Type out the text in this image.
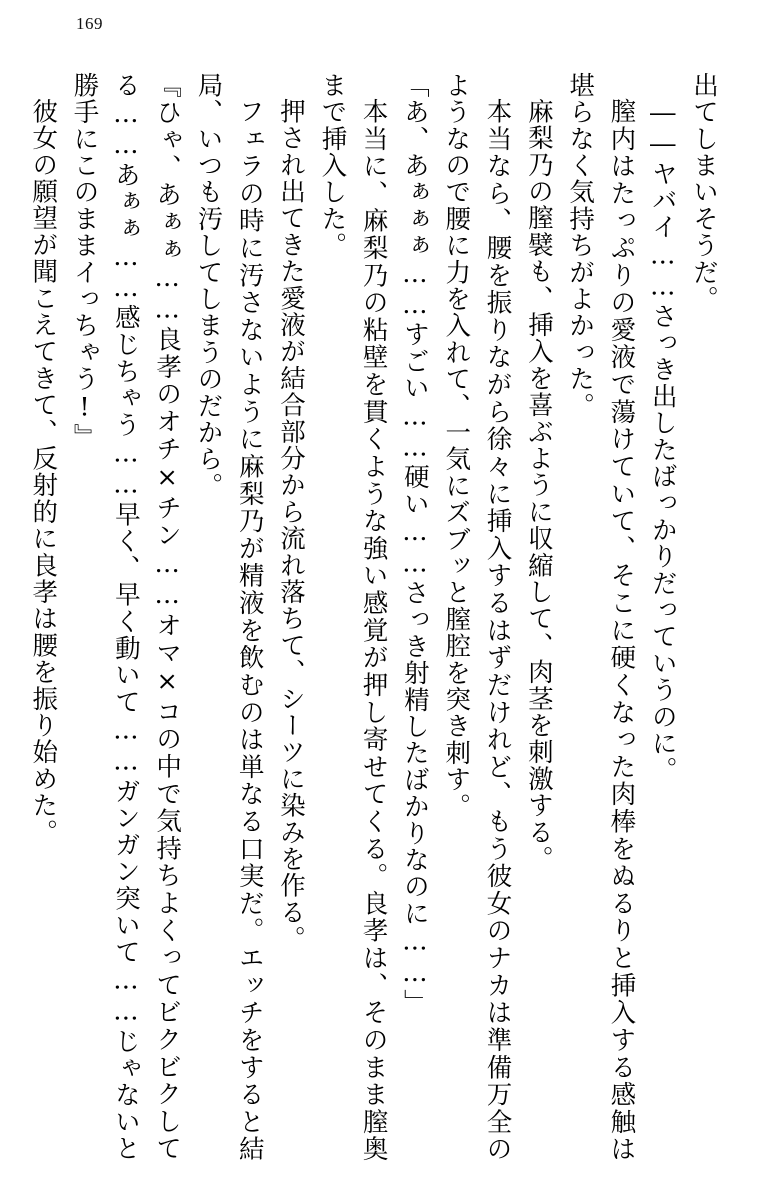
169

出てしまいそうだ。

――ヤバイ……さっき出したばっかりだっていうのに。

膣内はたっぷりの愛液で蕩けていて、そこに硬くなった肉棒をぬるりと挿入する感触は堪らなく気持ちがよかった。

麻梨乃の膣襞も、挿入を喜ぶように収縮して、肉茎を刺激する。

本当なら、腰を振りながら徐々に挿入するはずだけれど、もう彼女のナカは準備万全のようなので腰に力を入れて、一気にズブッと膣腔を突き刺す。

「あ、あぁぁぁ……すごい……硬い……さっき射精したばかりなのに……」

本当に、麻梨乃の粘壁を貫くような強い感覚が押し寄せてくる。良孝は、そのまま膣奥まで挿入した。

押され出てきた愛液が結合部分から流れ落ちて、シーツに染みを作る。

フェラの時に汚さないように麻梨乃が精液を飲むのは単なる口実だ。エッチをすると結局、いつも汚してしまうのだから。

『ひゃ、あぁぁ……良孝のオチ×チン……オマ×コの中で気持ちよくってビクビクしてる……あぁぁ……感じちゃう……早く、早く動いて……ガンガン突いて……じゃないと勝手にこのままイっちゃう!』

彼女の願望が聞こえてきて、反射的に良孝は腰を振り始めた。
